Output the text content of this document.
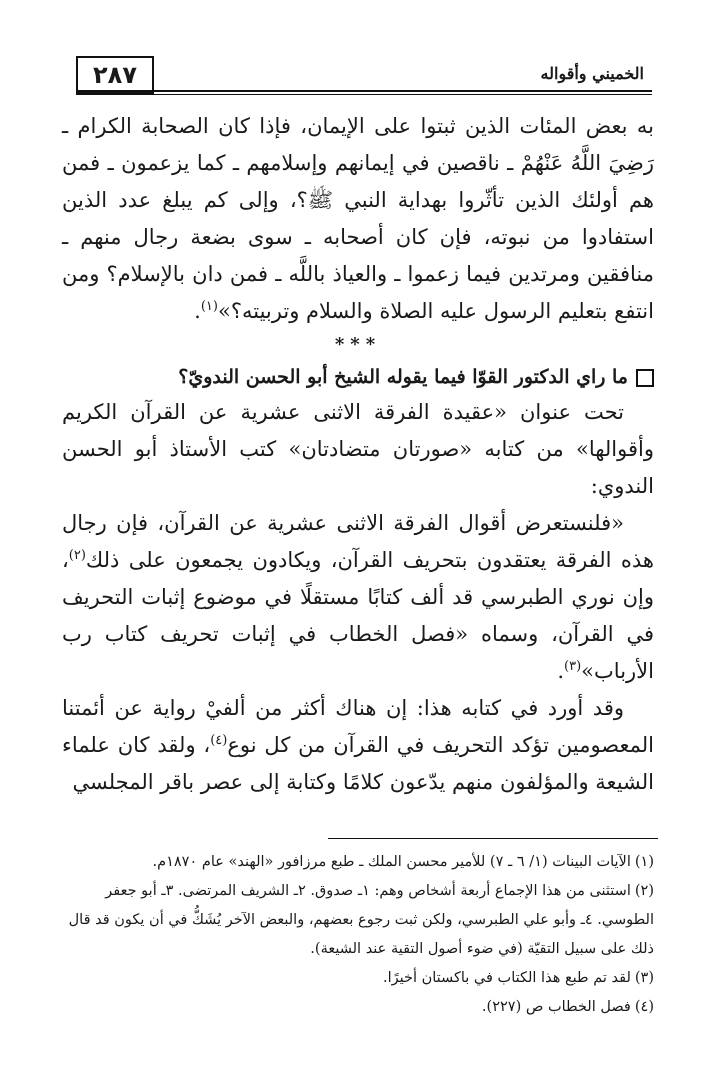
الخميني وأقواله
٢٨٧

به بعض المئات الذين ثبتوا على الإيمان، فإذا كان الصحابة الكرام ـ رَضِيَ اللَّهُ عَنْهُمْ ـ ناقصين في إيمانهم وإسلامهم ـ كما يزعمون ـ فمن هم أولئك الذين تأثّروا بهداية النبي ﷺ؟، وإلى كم يبلغ عدد الذين استفادوا من نبوته، فإن كان أصحابه ـ سوى بضعة رجال منهم ـ منافقين ومرتدين فيما زعموا ـ والعياذ باللَّه ـ فمن دان بالإسلام؟ ومن انتفع بتعليم الرسول عليه الصلاة والسلام وتربيته؟»$^{(١)}$.

***

ما راي الدكتور القوّا فيما يقوله الشيخ أبو الحسن الندويّ؟

تحت عنوان «عقيدة الفرقة الاثنى عشرية عن القرآن الكريم وأقوالها» من كتابه «صورتان متضادتان» كتب الأستاذ أبو الحسن الندوي:

«فلنستعرض أقوال الفرقة الاثنى عشرية عن القرآن، فإن رجال هذه الفرقة يعتقدون بتحريف القرآن، ويكادون يجمعون على ذلك$^{(٢)}$، وإن نوري الطبرسي قد ألف كتابًا مستقلًا في موضوع إثبات التحريف في القرآن، وسماه «فصل الخطاب في إثبات تحريف كتاب رب الأرباب»$^{(٣)}$.

وقد أورد في كتابه هذا: إن هناك أكثر من ألفيْ رواية عن أئمتنا المعصومين تؤكد التحريف في القرآن من كل نوع$^{(٤)}$، ولقد كان علماء الشيعة والمؤلفون منهم يدّعون كلامًا وكتابة إلى عصر باقر المجلسي

(١)الآيات البينات (١/ ٦ ـ ٧) للأمير محسن الملك ـ طبع مرزافور «الهند» عام ١٨٧٠م.

(٢)استثنى من هذا الإجماع أربعة أشخاص وهم: ١ـ صدوق. ٢ـ الشريف المرتضى. ٣ـ أبو جعفر الطوسي. ٤ـ وأبو علي الطبرسي، ولكن ثبت رجوع بعضهم، والبعض الآخر يُشَكُّ في أن يكون قد قال ذلك على سبيل التقيّة (في ضوء أصول التقية عند الشيعة).

(٣)لقد تم طبع هذا الكتاب في باكستان أخيرًا.

(٤)فصل الخطاب ص (٢٢٧).
